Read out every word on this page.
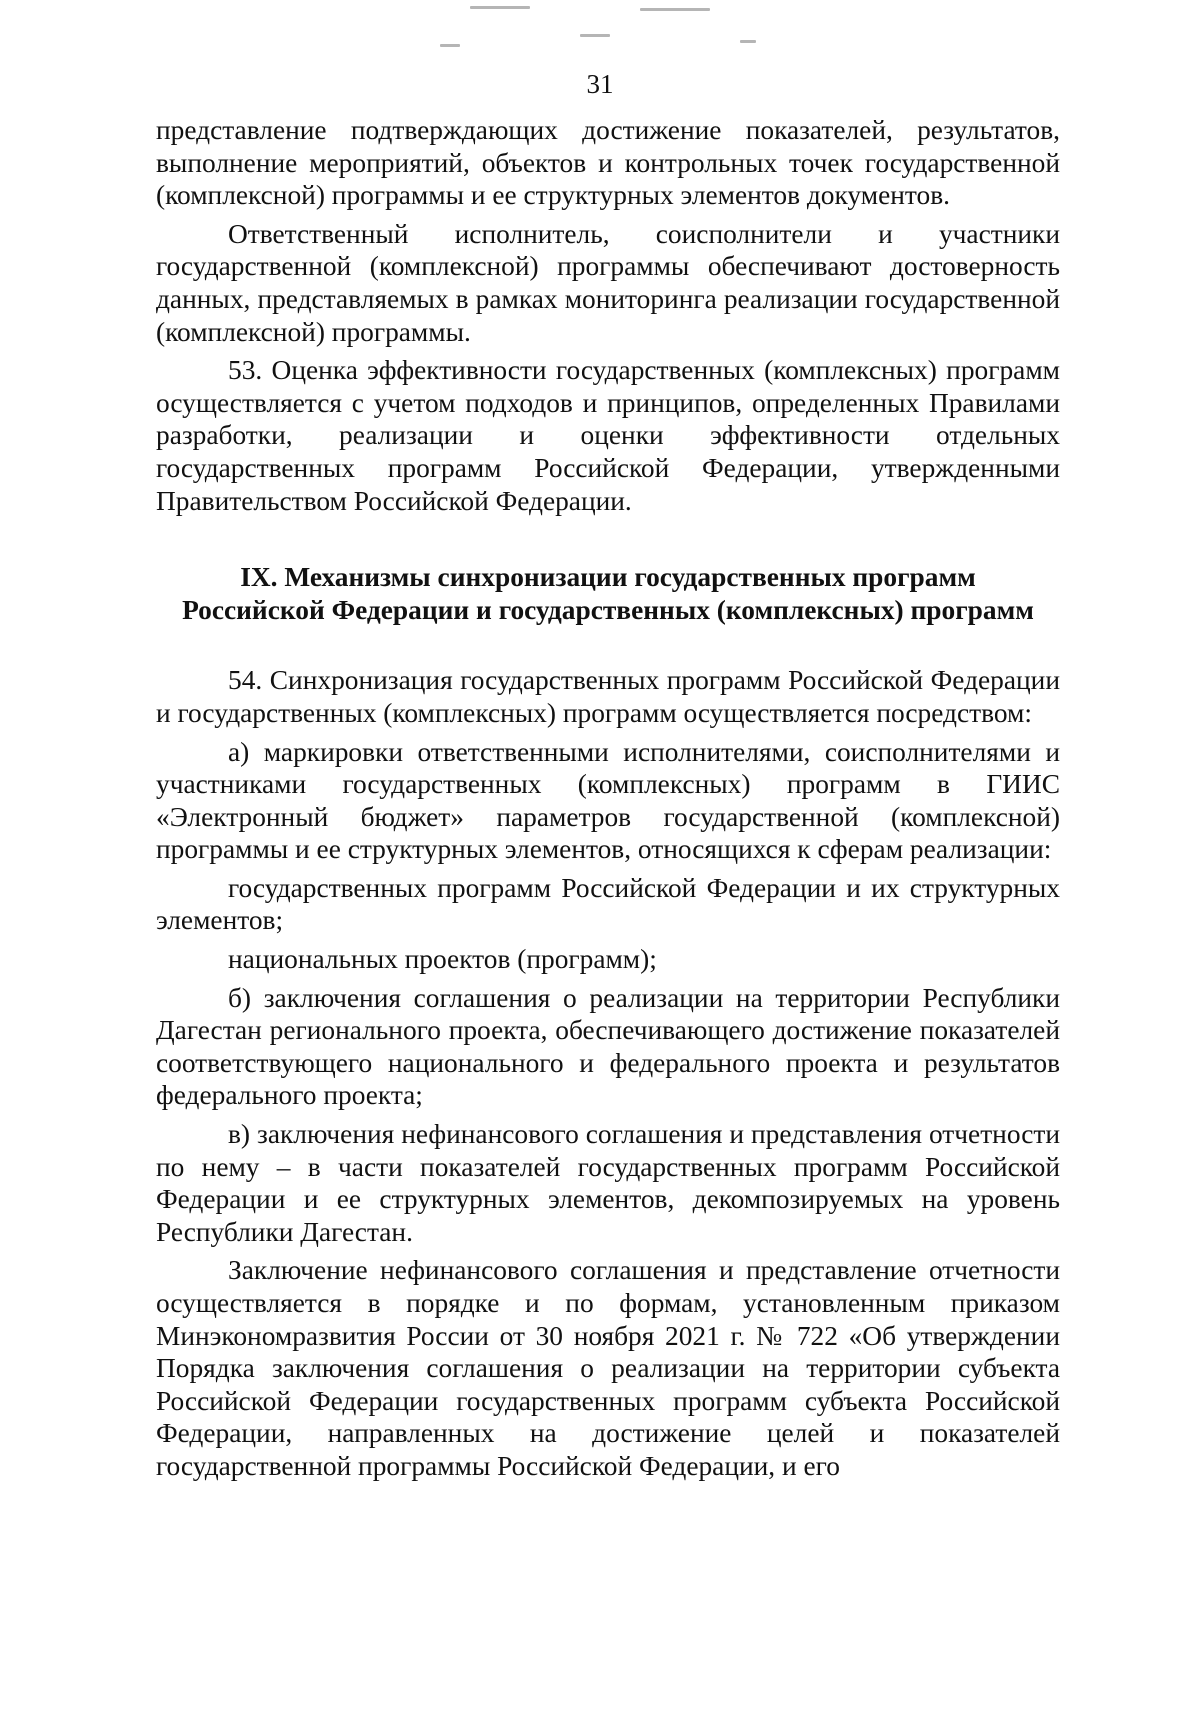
31

представление подтверждающих достижение показателей, результатов, выполнение мероприятий, объектов и контрольных точек государственной (комплексной) программы и ее структурных элементов документов.

Ответственный исполнитель, соисполнители и участники государственной (комплексной) программы обеспечивают достоверность данных, представляемых в рамках мониторинга реализации государственной (комплексной) программы.

53. Оценка эффективности государственных (комплексных) программ осуществляется с учетом подходов и принципов, определенных Правилами разработки, реализации и оценки эффективности отдельных государственных программ Российской Федерации, утвержденными Правительством Российской Федерации.

IX. Механизмы синхронизации государственных программ
Российской Федерации и государственных (комплексных) программ

54. Синхронизация государственных программ Российской Федерации и государственных (комплексных) программ осуществляется посредством:

а) маркировки ответственными исполнителями, соисполнителями и участниками государственных (комплексных) программ в ГИИС «Электронный бюджет» параметров государственной (комплексной) программы и ее структурных элементов, относящихся к сферам реализации:

государственных программ Российской Федерации и их структурных элементов;

национальных проектов (программ);

б) заключения соглашения о реализации на территории Республики Дагестан регионального проекта, обеспечивающего достижение показателей соответствующего национального и федерального проекта и результатов федерального проекта;

в) заключения нефинансового соглашения и представления отчетности по нему – в части показателей государственных программ Российской Федерации и ее структурных элементов, декомпозируемых на уровень Республики Дагестан.

Заключение нефинансового соглашения и представление отчетности осуществляется в порядке и по формам, установленным приказом Минэкономразвития России от 30 ноября 2021 г. № 722 «Об утверждении Порядка заключения соглашения о реализации на территории субъекта Российской Федерации государственных программ субъекта Российской Федерации, направленных на достижение целей и показателей государственной программы Российской Федерации, и его
